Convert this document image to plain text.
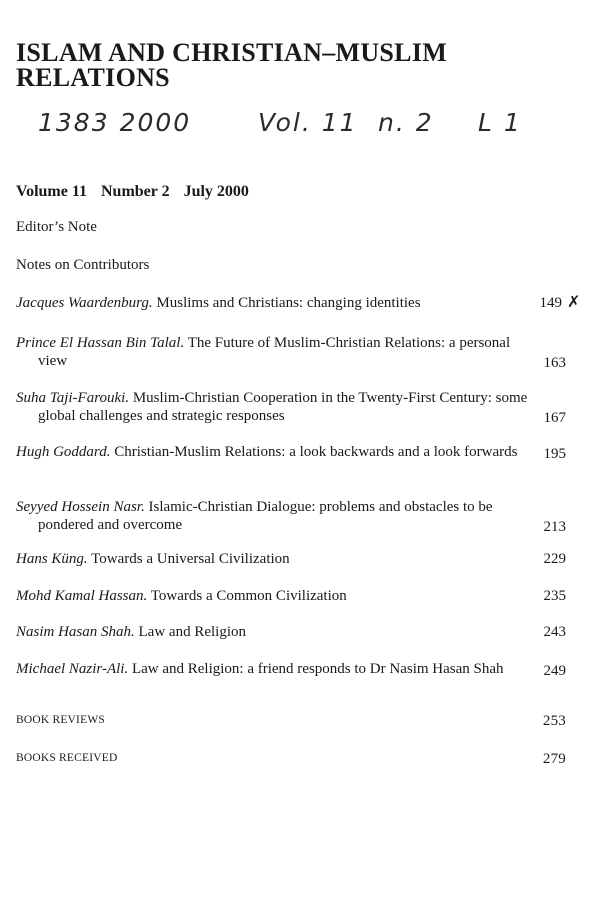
ISLAM AND CHRISTIAN–MUSLIM RELATIONS
1383 2000	Vol. 11 n. 2 L 1
Volume 11 Number 2 July 2000
Editor’s Note
Notes on Contributors
Jacques Waardenburg. Muslims and Christians: changing identities	149 ✗
Prince El Hassan Bin Talal. The Future of Muslim-Christian Relations: a personal view	163
Suha Taji-Farouki. Muslim-Christian Cooperation in the Twenty-First Century: some global challenges and strategic responses	167
Hugh Goddard. Christian-Muslim Relations: a look backwards and a look forwards	195
Seyyed Hossein Nasr. Islamic-Christian Dialogue: problems and obstacles to be pondered and overcome	213
Hans Küng. Towards a Universal Civilization	229
Mohd Kamal Hassan. Towards a Common Civilization	235
Nasim Hasan Shah. Law and Religion	243
Michael Nazir-Ali. Law and Religion: a friend responds to Dr Nasim Hasan Shah	249
BOOK REVIEWS	253
BOOKS RECEIVED	279
